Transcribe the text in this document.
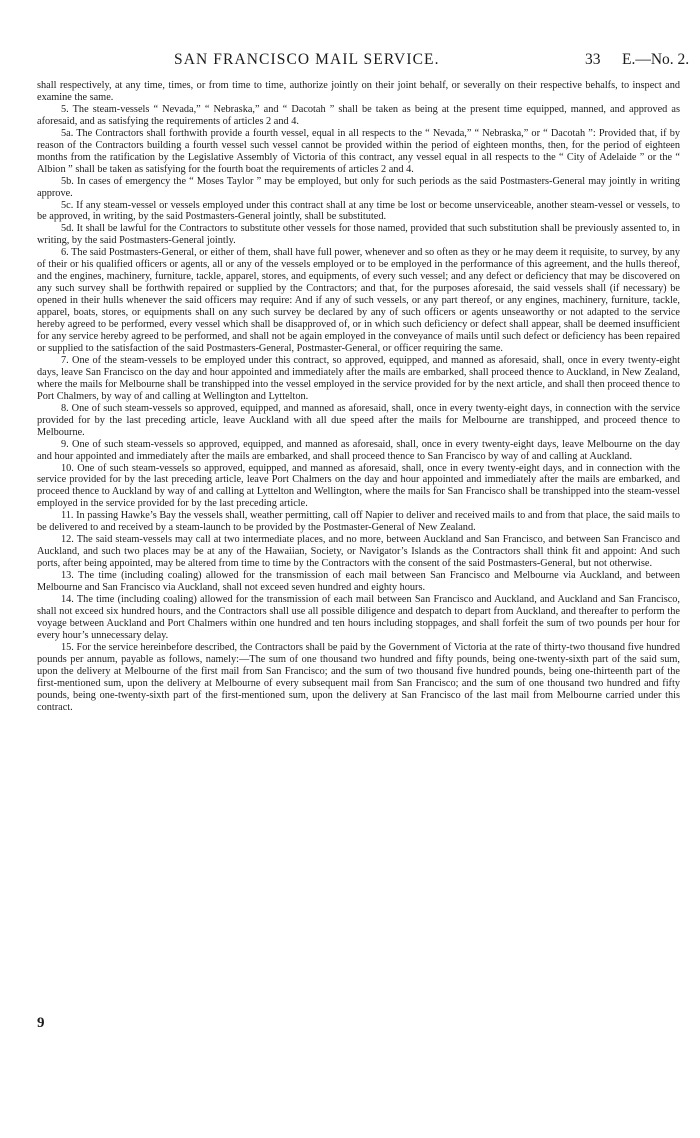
SAN FRANCISCO MAIL SERVICE.	33 E.—No. 2.

shall respectively, at any time, times, or from time to time, authorize jointly on their joint behalf, or severally on their respective behalfs, to inspect and examine the same.

5. The steam-vessels “ Nevada,” “ Nebraska,” and “ Dacotah ” shall be taken as being at the present time equipped, manned, and approved as aforesaid, and as satisfying the requirements of articles 2 and 4.

5a. The Contractors shall forthwith provide a fourth vessel, equal in all respects to the “ Nevada,” “ Nebraska,” or “ Dacotah ”: Provided that, if by reason of the Contractors building a fourth vessel such vessel cannot be provided within the period of eighteen months, then, for the period of eighteen months from the ratification by the Legislative Assembly of Victoria of this contract, any vessel equal in all respects to the “ City of Adelaide ” or the “ Albion ” shall be taken as satisfying for the fourth boat the requirements of articles 2 and 4.

5b. In cases of emergency the “ Moses Taylor ” may be employed, but only for such periods as the said Postmasters-General may jointly in writing approve.

5c. If any steam-vessel or vessels employed under this contract shall at any time be lost or become unserviceable, another steam-vessel or vessels, to be approved, in writing, by the said Postmasters-General jointly, shall be substituted.

5d. It shall be lawful for the Contractors to substitute other vessels for those named, provided that such substitution shall be previously assented to, in writing, by the said Postmasters-General jointly.

6. The said Postmasters-General, or either of them, shall have full power, whenever and so often as they or he may deem it requisite, to survey, by any of their or his qualified officers or agents, all or any of the vessels employed or to be employed in the performance of this agreement, and the hulls thereof, and the engines, machinery, furniture, tackle, apparel, stores, and equipments, of every such vessel; and any defect or deficiency that may be discovered on any such survey shall be forthwith repaired or supplied by the Contractors; and that, for the purposes aforesaid, the said vessels shall (if necessary) be opened in their hulls whenever the said officers may require: And if any of such vessels, or any part thereof, or any engines, machinery, furniture, tackle, apparel, boats, stores, or equipments shall on any such survey be declared by any of such officers or agents unseaworthy or not adapted to the service hereby agreed to be performed, every vessel which shall be disapproved of, or in which such deficiency or defect shall appear, shall be deemed insufficient for any service hereby agreed to be performed, and shall not be again employed in the conveyance of mails until such defect or deficiency has been repaired or supplied to the satisfaction of the said Postmasters-General, Postmaster-General, or officer requiring the same.

7. One of the steam-vessels to be employed under this contract, so approved, equipped, and manned as aforesaid, shall, once in every twenty-eight days, leave San Francisco on the day and hour appointed and immediately after the mails are embarked, shall proceed thence to Auckland, in New Zealand, where the mails for Melbourne shall be transhipped into the vessel employed in the service provided for by the next article, and shall then proceed thence to Port Chalmers, by way of and calling at Wellington and Lyttelton.

8. One of such steam-vessels so approved, equipped, and manned as aforesaid, shall, once in every twenty-eight days, in connection with the service provided for by the last preceding article, leave Auckland with all due speed after the mails for Melbourne are transhipped, and proceed thence to Melbourne.

9. One of such steam-vessels so approved, equipped, and manned as aforesaid, shall, once in every twenty-eight days, leave Melbourne on the day and hour appointed and immediately after the mails are embarked, and shall proceed thence to San Francisco by way of and calling at Auckland.

10. One of such steam-vessels so approved, equipped, and manned as aforesaid, shall, once in every twenty-eight days, and in connection with the service provided for by the last preceding article, leave Port Chalmers on the day and hour appointed and immediately after the mails are embarked, and proceed thence to Auckland by way of and calling at Lyttelton and Wellington, where the mails for San Francisco shall be transhipped into the steam-vessel employed in the service provided for by the last preceding article.

11. In passing Hawke’s Bay the vessels shall, weather permitting, call off Napier to deliver and received mails to and from that place, the said mails to be delivered to and received by a steam-launch to be provided by the Postmaster-General of New Zealand.

12. The said steam-vessels may call at two intermediate places, and no more, between Auckland and San Francisco, and between San Francisco and Auckland, and such two places may be at any of the Hawaiian, Society, or Navigator’s Islands as the Contractors shall think fit and appoint: And such ports, after being appointed, may be altered from time to time by the Contractors with the consent of the said Postmasters-General, but not otherwise.

13. The time (including coaling) allowed for the transmission of each mail between San Francisco and Melbourne via Auckland, and between Melbourne and San Francisco via Auckland, shall not exceed seven hundred and eighty hours.

14. The time (including coaling) allowed for the transmission of each mail between San Francisco and Auckland, and Auckland and San Francisco, shall not exceed six hundred hours, and the Contractors shall use all possible diligence and despatch to depart from Auckland, and thereafter to perform the voyage between Auckland and Port Chalmers within one hundred and ten hours including stoppages, and shall forfeit the sum of two pounds per hour for every hour’s unnecessary delay.

15. For the service hereinbefore described, the Contractors shall be paid by the Government of Victoria at the rate of thirty-two thousand five hundred pounds per annum, payable as follows, namely:—The sum of one thousand two hundred and fifty pounds, being one-twenty-sixth part of the said sum, upon the delivery at Melbourne of the first mail from San Francisco; and the sum of two thousand five hundred pounds, being one-thirteenth part of the first-mentioned sum, upon the delivery at Melbourne of every subsequent mail from San Francisco; and the sum of one thousand two hundred and fifty pounds, being one-twenty-sixth part of the first-mentioned sum, upon the delivery at San Francisco of the last mail from Melbourne carried under this contract.

9
